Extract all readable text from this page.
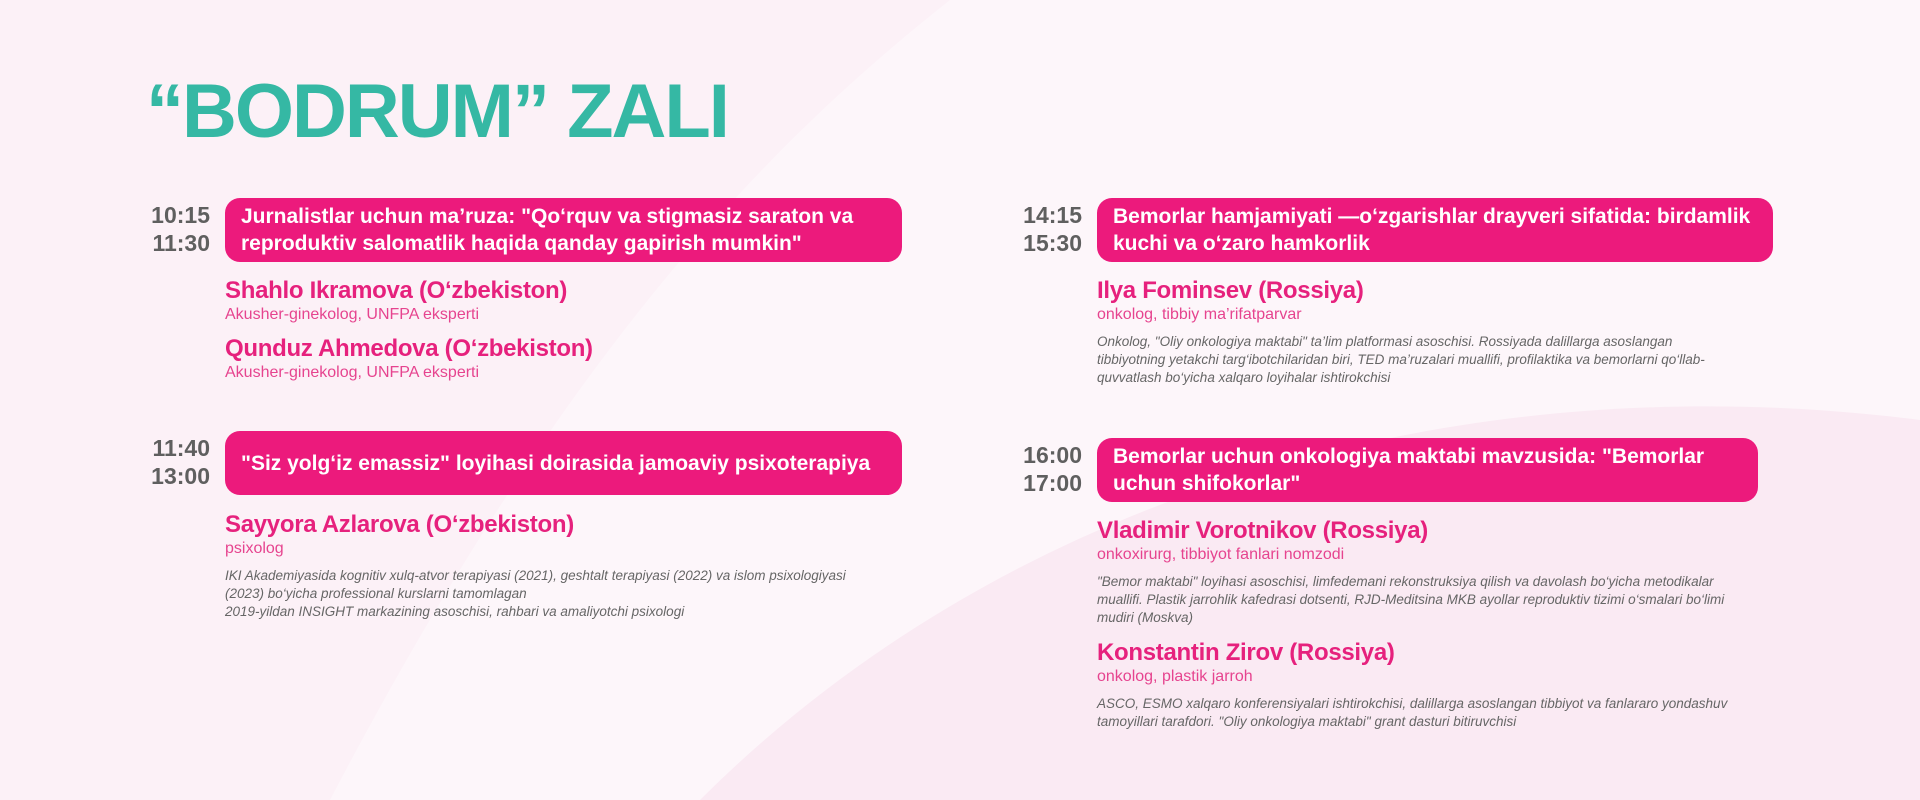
“BODRUM” ZALI
10:15
11:30
Jurnalistlar uchun ma’ruza: "Qo‘rquv va stigmasiz saraton va reproduktiv salomatlik haqida qanday gapirish mumkin"
Shahlo Ikramova (O‘zbekiston)
Akusher-ginekolog, UNFPA eksperti
Qunduz Ahmedova (O‘zbekiston)
Akusher-ginekolog, UNFPA eksperti
11:40
13:00	"Siz yolg‘iz emassiz" loyihasi doirasida jamoaviy psixoterapiya
Sayyora Azlarova (O‘zbekiston)
psixolog
IKI Akademiyasida kognitiv xulq-atvor terapiyasi (2021), geshtalt terapiyasi (2022) va islom psixologiyasi (2023) bo‘yicha professional kurslarni tamomlagan
2019-yildan INSIGHT markazining asoschisi, rahbari va amaliyotchi psixologi
14:15
15:30
Bemorlar hamjamiyati —o‘zgarishlar drayveri sifatida: birdamlik kuchi va o‘zaro hamkorlik
Ilya Fominsev (Rossiya)
onkolog, tibbiy ma’rifatparvar
Onkolog, "Oliy onkologiya maktabi" ta’lim platformasi asoschisi. Rossiyada dalillarga asoslangan tibbiyotning yetakchi targ‘ibotchilaridan biri, TED ma’ruzalari muallifi, profilaktika va bemorlarni qo‘llab-quvvatlash bo‘yicha xalqaro loyihalar ishtirokchisi
16:00
17:00
Bemorlar uchun onkologiya maktabi mavzusida: "Bemorlar uchun shifokorlar"
Vladimir Vorotnikov (Rossiya)
onkoxirurg, tibbiyot fanlari nomzodi
"Bemor maktabi" loyihasi asoschisi, limfedemani rekonstruksiya qilish va davolash bo‘yicha metodikalar muallifi. Plastik jarrohlik kafedrasi dotsenti, RJD-Meditsina MKB ayollar reproduktiv tizimi o‘smalari bo‘limi mudiri (Moskva)
Konstantin Zirov (Rossiya)
onkolog, plastik jarroh
ASCO, ESMO xalqaro konferensiyalari ishtirokchisi, dalillarga asoslangan tibbiyot va fanlararo yondashuv tamoyillari tarafdori. "Oliy onkologiya maktabi" grant dasturi bitiruvchisi
